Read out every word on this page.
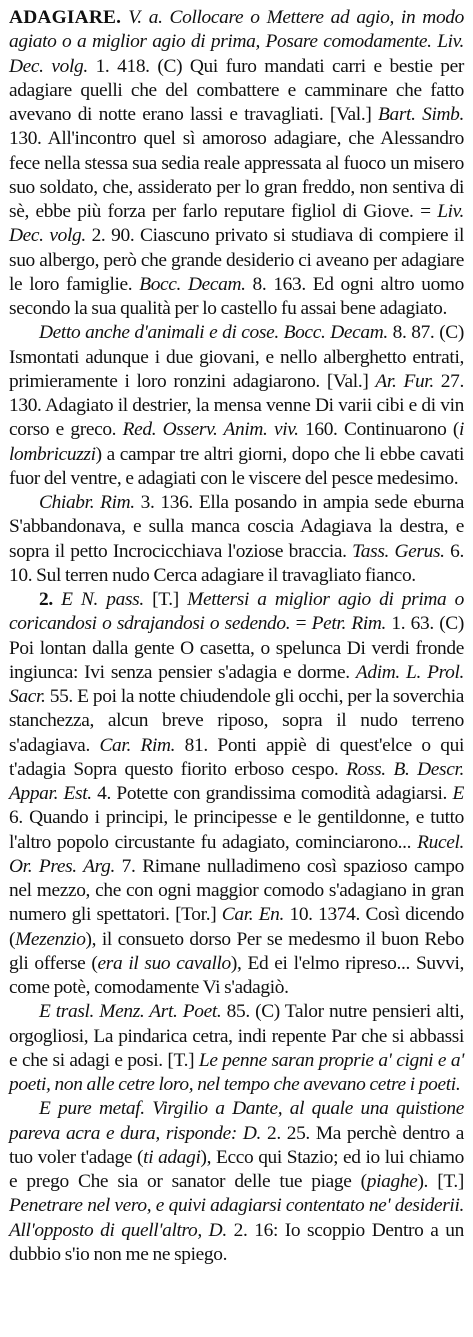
ADAGIARE. V. a. Collocare o Mettere ad agio, in modo agiato o a miglior agio di prima, Posare comodamente. Liv. Dec. volg. 1. 418. (C) Qui furo mandati carri e bestie per adagiare quelli che del combattere e camminare che fatto avevano di notte erano lassi e travagliati. [Val.] Bart. Simb. 130. All'incontro quel sì amoroso adagiare, che Alessandro fece nella stessa sua sedia reale appressata al fuoco un misero suo soldato, che, assiderato per lo gran freddo, non sentiva di sè, ebbe più forza per farlo reputare figliol di Giove. = Liv. Dec. volg. 2. 90. Ciascuno privato si studiava di compiere il suo albergo, però che grande desiderio ci aveano per adagiare le loro famiglie. Bocc. Decam. 8. 163. Ed ogni altro uomo secondo la sua qualità per lo castello fu assai bene adagiato.

Detto anche d'animali e di cose. Bocc. Decam. 8. 87. (C) Ismontati adunque i due giovani, e nello alberghetto entrati, primieramente i loro ronzini adagiarono. [Val.] Ar. Fur. 27. 130. Adagiato il destrier, la mensa venne Di varii cibi e di vin corso e greco. Red. Osserv. Anim. viv. 160. Continuarono (i lombricuzzi) a campar tre altri giorni, dopo che li ebbe cavati fuor del ventre, e adagiati con le viscere del pesce medesimo.

Chiabr. Rim. 3. 136. Ella posando in ampia sede eburna S'abbandonava, e sulla manca coscia Adagiava la destra, e sopra il petto Incrocicchiava l'oziose braccia. Tass. Gerus. 6. 10. Sul terren nudo Cerca adagiare il travagliato fianco.

2. E N. pass. [T.] Mettersi a miglior agio di prima o coricandosi o sdrajandosi o sedendo. = Petr. Rim. 1. 63. (C) Poi lontan dalla gente O casetta, o spelunca Di verdi fronde ingiunca: Ivi senza pensier s'adagia e dorme. Adim. L. Prol. Sacr. 55. E poi la notte chiudendole gli occhi, per la soverchia stanchezza, alcun breve riposo, sopra il nudo terreno s'adagiava. Car. Rim. 81. Ponti appiè di quest'elce o qui t'adagia Sopra questo fiorito erboso cespo. Ross. B. Descr. Appar. Est. 4. Potette con grandissima comodità adagiarsi. E 6. Quando i principi, le principesse e le gentildonne, e tutto l'altro popolo circustante fu adagiato, cominciarono... Rucel. Or. Pres. Arg. 7. Rimane nulladimeno così spazioso campo nel mezzo, che con ogni maggior comodo s'adagiano in gran numero gli spettatori. [Tor.] Car. En. 10. 1374. Così dicendo (Mezenzio), il consueto dorso Per se medesmo il buon Rebo gli offerse (era il suo cavallo), Ed ei l'elmo ripreso... Suvvi, come potè, comodamente Vi s'adagiò.

E trasl. Menz. Art. Poet. 85. (C) Talor nutre pensieri alti, orgogliosi, La pindarica cetra, indi repente Par che si abbassi e che si adagi e posi. [T.] Le penne saran proprie a' cigni e a' poeti, non alle cetre loro, nel tempo che avevano cetre i poeti.

E pure metaf. Virgilio a Dante, al quale una quistione pareva acra e dura, risponde: D. 2. 25. Ma perchè dentro a tuo voler t'adage (ti adagi), Ecco qui Stazio; ed io lui chiamo e prego Che sia or sanator delle tue piage (piaghe). [T.] Penetrare nel vero, e quivi adagiarsi contentato ne' desiderii. All'opposto di quell'altro, D. 2. 16: Io scoppio Dentro a un dubbio s'io non me ne spiego.
